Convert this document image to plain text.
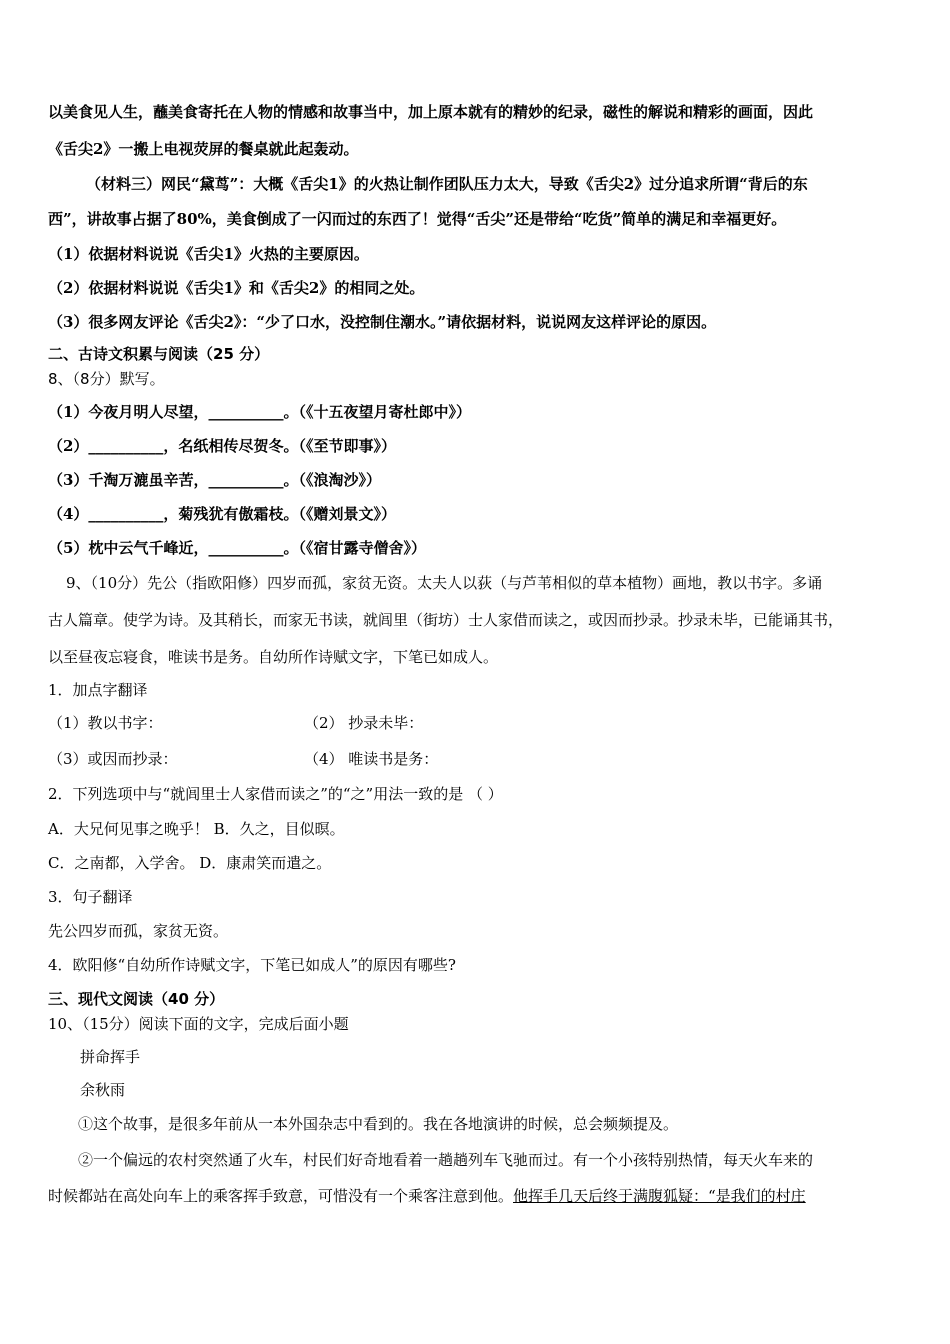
以美食见人生，蘸美食寄托在人物的情感和故事当中，加上原本就有的精妙的纪录，磁性的解说和精彩的画面，因此
《舌尖2》一搬上电视荧屏的餐桌就此起轰动。
（材料三）网民“黛茑”：大概《舌尖1》的火热让制作团队压力太大，导致《舌尖2》过分追求所谓“背后的东
西”，讲故事占据了80%，美食倒成了一闪而过的东西了！觉得“舌尖”还是带给“吃货”简单的满足和幸福更好。
（1）依据材料说说《舌尖1》火热的主要原因。
（2）依据材料说说《舌尖1》和《舌尖2》的相同之处。
（3）很多网友评论《舌尖2》：“少了口水，没控制住潮水。”请依据材料，说说网友这样评论的原因。
二、古诗文积累与阅读（25 分）
8、（8分）默写。
（1）今夜月明人尽望，__________。（《十五夜望月寄杜郎中》）
（2）__________，名纸相传尽贺冬。（《至节即事》）
（3）千淘万漉虽辛苦，__________。（《浪淘沙》）
（4）__________，菊残犹有傲霜枝。（《赠刘景文》）
（5）枕中云气千峰近，__________。（《宿甘露寺僧舍》）
9、（10分）先公（指欧阳修）四岁而孤，家贫无资。太夫人以荻（与芦苇相似的草本植物）画地，教以书字。多诵
古人篇章。使学为诗。及其稍长，而家无书读，就闾里（街坊）士人家借而读之，或因而抄录。抄录未毕，已能诵其书，
以至昼夜忘寝食，唯读书是务。自幼所作诗赋文字，下笔已如成人。
1．加点字翻译
（1）教以书字：	（2） 抄录未毕：
（3）或因而抄录：	（4） 唯读书是务：
2．下列选项中与“就闾里士人家借而读之”的“之”用法一致的是 （ ）
A．大兄何见事之晚乎！ B．久之，目似暝。
C．之南都，入学舍。 D．康肃笑而遣之。
3．句子翻译
先公四岁而孤，家贫无资。
4．欧阳修“自幼所作诗赋文字，下笔已如成人”的原因有哪些?
三、现代文阅读（40 分）
10、（15分）阅读下面的文字，完成后面小题
拼命挥手
余秋雨
①这个故事，是很多年前从一本外国杂志中看到的。我在各地演讲的时候，总会频频提及。
②一个偏远的农村突然通了火车，村民们好奇地看着一趟趟列车飞驰而过。有一个小孩特别热情，每天火车来的
时候都站在高处向车上的乘客挥手致意，可惜没有一个乘客注意到他。他挥手几天后终于满腹狐疑：“是我们的村庄
